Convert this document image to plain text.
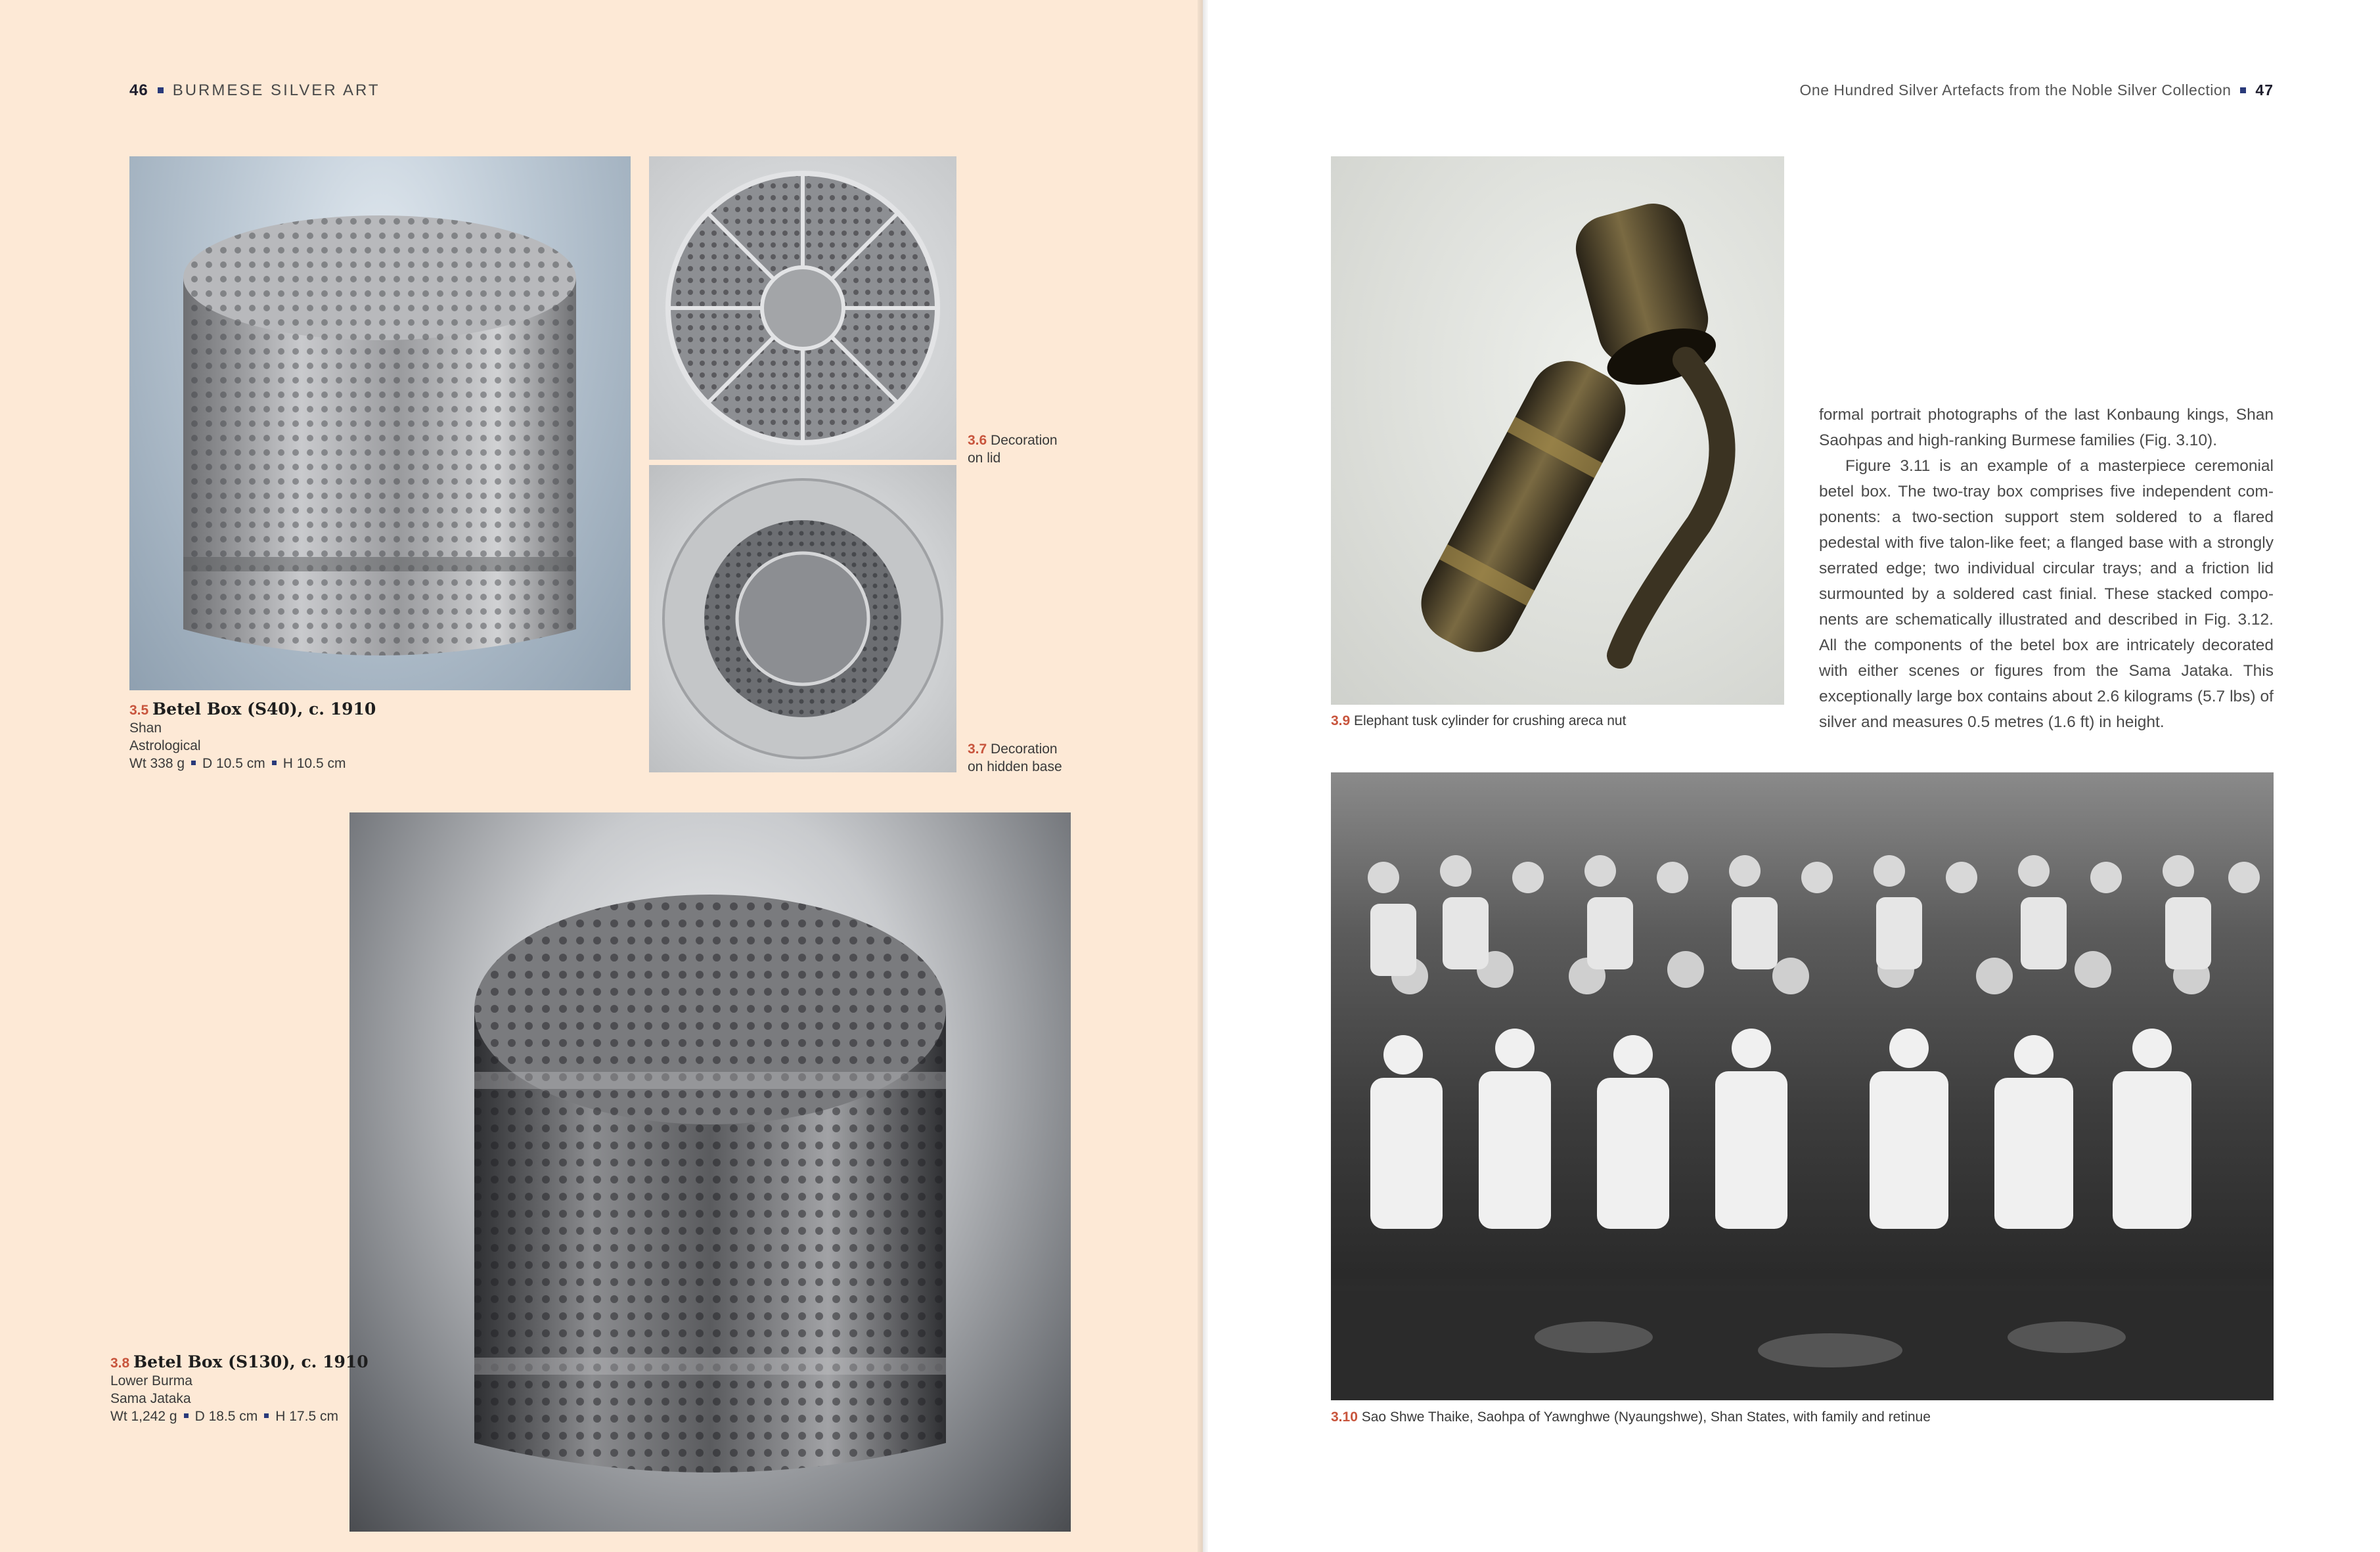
46 BURMESE SILVER ART	One Hundred Silver Artefacts from the Noble Silver Collection 47
3.5 Betel Box (S40), c. 1910
Shan
Astrological
Wt 338 g D 10.5 cm H 10.5 cm
3.6 Decoration
on lid
3.7 Decoration
on hidden base
3.8 Betel Box (S130), c. 1910
Lower Burma
Sama Jataka
Wt 1,242 g D 18.5 cm H 17.5 cm
3.9 Elephant tusk cylinder for crushing areca nut
3.10 Sao Shwe Thaike, Saohpa of Yawnghwe (Nyaungshwe), Shan States, with family and retinue

formal portrait photographs of the last Konbaung kings, Shan Saohpas and high-ranking Burmese families (Fig. 3.10).

Figure 3.11 is an example of a masterpiece ceremonial betel box. The two-tray box comprises five independent components: a two-section support stem soldered to a flared pedestal with five talon-like feet; a flanged base with a strongly serrated edge; two individual circular trays; and a friction lid surmounted by a soldered cast finial. These stacked components are schematically illustrated and described in Fig. 3.12. All the components of the betel box are intricately decorated with either scenes or figures from the Sama Jataka. This exceptionally large box contains about 2.6 kilograms (5.7 lbs) of silver and measures 0.5 metres (1.6 ft) in height.
